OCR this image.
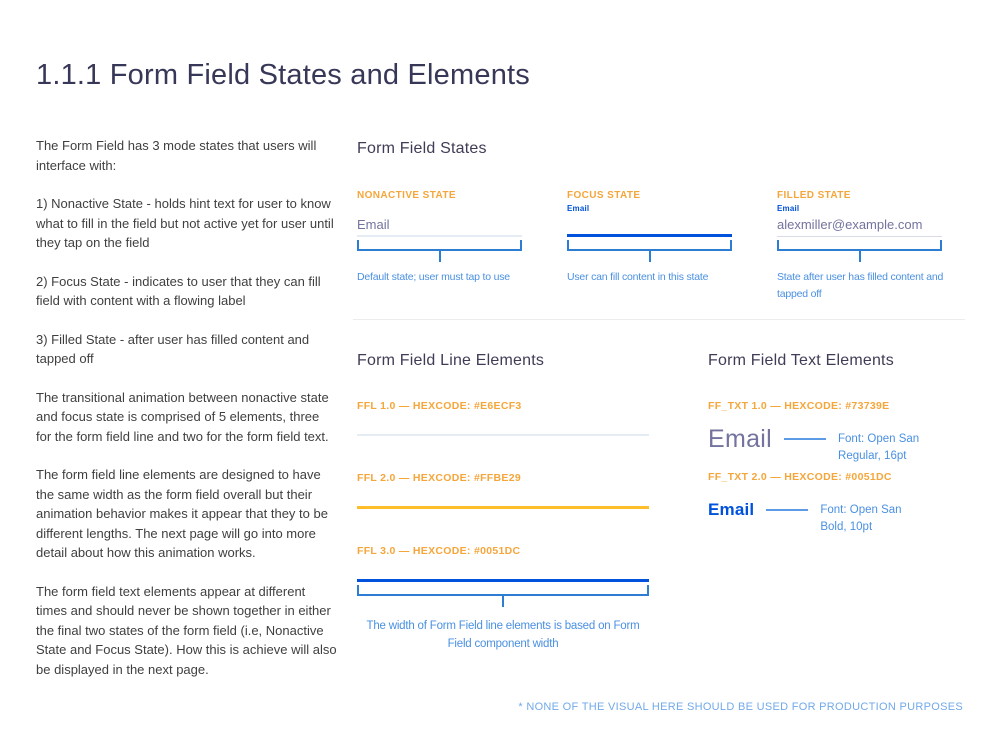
1.1.1 Form Field States and Elements

The Form Field has 3 mode states that users will interface with:

1) Nonactive State - holds hint text for user to know what to fill in the field but not active yet for user until they tap on the field

2) Focus State - indicates to user that they can fill field with content with a flowing label

3) Filled State - after user has filled content and tapped off

The transitional animation between nonactive state and focus state is comprised of 5 elements, three for the form field line and two for the form field text.

The form field line elements are designed to have the same width as the form field overall but their animation behavior makes it appear that they to be different lengths. The next page will go into more detail about how this animation works.

The form field text elements appear at different times and should never be shown together in either the final two states of the form field (i.e, Nonactive State and Focus State). How this is achieve will also be displayed in the next page.

Form Field States
NONACTIVE STATE
Email
Default state; user must tap to use
FOCUS STATE
Email
User can fill content in this state
FILLED STATE
Email
alexmiller@example.com
State after user has filled content and tapped off
Form Field Line Elements
FFL 1.0 — HEXCODE: #E6ECF3
FFL 2.0 — HEXCODE: #FFBE29
FFL 3.0 — HEXCODE: #0051DC
The width of Form Field line elements is based on Form Field component width
Form Field Text Elements
FF_TXT 1.0 — HEXCODE: #73739E
Email	Font: Open San
Regular, 16pt
FF_TXT 2.0 — HEXCODE: #0051DC
Email	Font: Open San
Bold, 10pt
* NONE OF THE VISUAL HERE SHOULD BE USED FOR PRODUCTION PURPOSES
